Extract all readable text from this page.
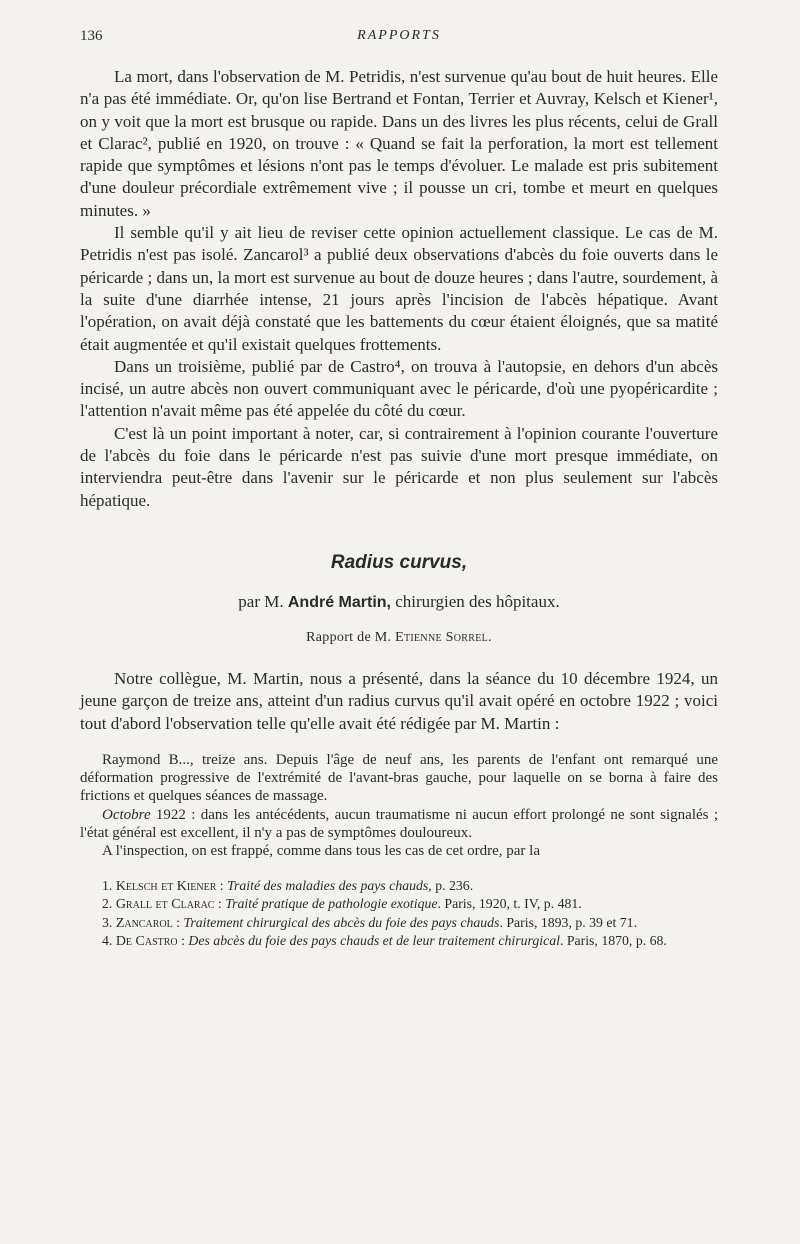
136	RAPPORTS

La mort, dans l'observation de M. Petridis, n'est survenue qu'au bout de huit heures. Elle n'a pas été immédiate. Or, qu'on lise Bertrand et Fontan, Terrier et Auvray, Kelsch et Kiener¹, on y voit que la mort est brusque ou rapide. Dans un des livres les plus récents, celui de Grall et Clarac², publié en 1920, on trouve : « Quand se fait la perforation, la mort est tellement rapide que symptômes et lésions n'ont pas le temps d'évoluer. Le malade est pris subitement d'une douleur précordiale extrêmement vive ; il pousse un cri, tombe et meurt en quelques minutes. »

Il semble qu'il y ait lieu de reviser cette opinion actuellement classique. Le cas de M. Petridis n'est pas isolé. Zancarol³ a publié deux observations d'abcès du foie ouverts dans le péricarde ; dans un, la mort est survenue au bout de douze heures ; dans l'autre, sourdement, à la suite d'une diarrhée intense, 21 jours après l'incision de l'abcès hépatique. Avant l'opération, on avait déjà constaté que les battements du cœur étaient éloignés, que sa matité était augmentée et qu'il existait quelques frottements.

Dans un troisième, publié par de Castro⁴, on trouva à l'autopsie, en dehors d'un abcès incisé, un autre abcès non ouvert communiquant avec le péricarde, d'où une pyopéricardite ; l'attention n'avait même pas été appelée du côté du cœur.

C'est là un point important à noter, car, si contrairement à l'opinion courante l'ouverture de l'abcès du foie dans le péricarde n'est pas suivie d'une mort presque immédiate, on interviendra peut-être dans l'avenir sur le péricarde et non plus seulement sur l'abcès hépatique.

Radius curvus,
par M. André Martin, chirurgien des hôpitaux.
Rapport de M. Etienne Sorrel.

Notre collègue, M. Martin, nous a présenté, dans la séance du 10 décembre 1924, un jeune garçon de treize ans, atteint d'un radius curvus qu'il avait opéré en octobre 1922 ; voici tout d'abord l'observation telle qu'elle avait été rédigée par M. Martin :

Raymond B..., treize ans. Depuis l'âge de neuf ans, les parents de l'enfant ont remarqué une déformation progressive de l'extrémité de l'avant-bras gauche, pour laquelle on se borna à faire des frictions et quelques séances de massage.

Octobre 1922 : dans les antécédents, aucun traumatisme ni aucun effort prolongé ne sont signalés ; l'état général est excellent, il n'y a pas de symptômes douloureux.

A l'inspection, on est frappé, comme dans tous les cas de cet ordre, par la

1. Kelsch et Kiener : Traité des maladies des pays chauds, p. 236.

2. Grall et Clarac : Traité pratique de pathologie exotique. Paris, 1920, t. IV, p. 481.

3. Zancarol : Traitement chirurgical des abcès du foie des pays chauds. Paris, 1893, p. 39 et 71.

4. De Castro : Des abcès du foie des pays chauds et de leur traitement chirurgical. Paris, 1870, p. 68.
